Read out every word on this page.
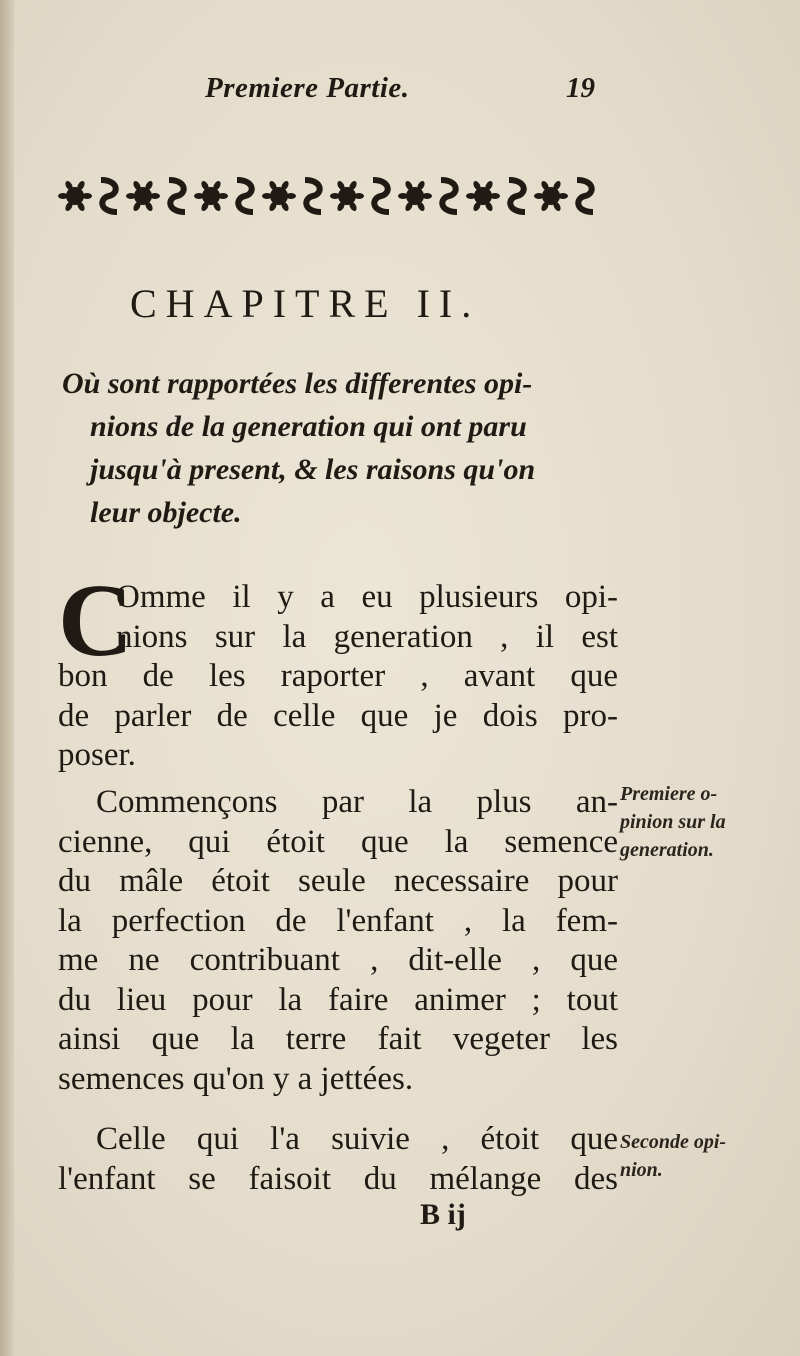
Premiere Partie.	19
CHAPITRE II.
Où sont rapportées les differentes opi-
nions de la generation qui ont paru
jusqu'à present, & les raisons qu'on
leur objecte.
C
Omme il y a eu plusieurs opi-
nions sur la generation , il est
bon de les raporter , avant que
de parler de celle que je dois pro-
poser.
Commençons par la plus an-
cienne, qui étoit que la semence
du mâle étoit seule necessaire pour
la perfection de l'enfant , la fem-
me ne contribuant , dit-elle , que
du lieu pour la faire animer ; tout
ainsi que la terre fait vegeter les
semences qu'on y a jettées.
Celle qui l'a suivie , étoit que
l'enfant se faisoit du mélange des
Premiere o-
pinion sur la
generation.
Seconde opi-
nion.
B ij
